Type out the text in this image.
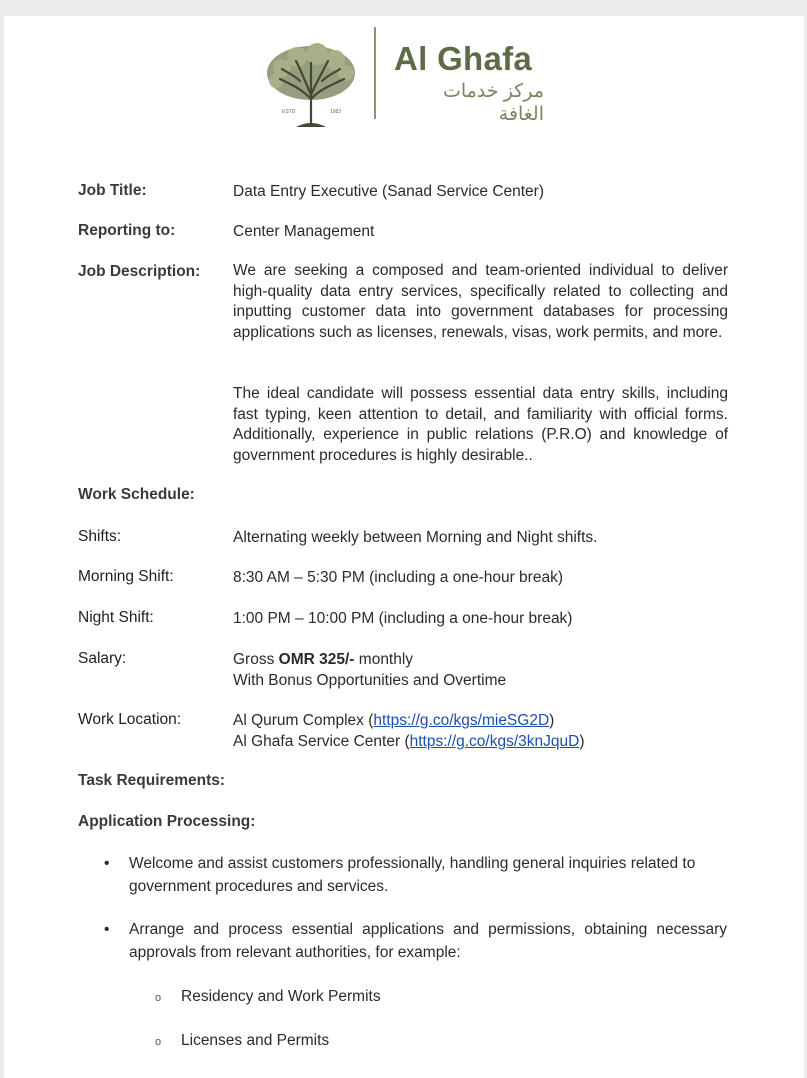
ESTD	1983
Al Ghafa
مركز خدمات الغافة
Job Title:	Data Entry Executive (Sanad Service Center)
Reporting to:	Center Management
Job Description: We are seeking a composed and team-oriented individual to deliver high-quality data entry services, specifically related to collecting and inputting customer data into government databases for processing applications such as licenses, renewals, visas, work permits, and more.

The ideal candidate will possess essential data entry skills, including fast typing, keen attention to detail, and familiarity with official forms. Additionally, experience in public relations (P.R.O) and knowledge of government procedures is highly desirable..

Work Schedule:
Shifts:	Alternating weekly between Morning and Night shifts.
Morning Shift:	8:30 AM – 5:30 PM (including a one-hour break)
Night Shift:	1:00 PM – 10:00 PM (including a one-hour break)
Salary:	Gross OMR 325/- monthly

With Bonus Opportunities and Overtime

Work Location:	Al Qurum Complex (https://g.co/kgs/mieSG2D)

Al Ghafa Service Center (https://g.co/kgs/3knJquD)

Task Requirements:
Application Processing:
• Welcome and assist customers professionally, handling general inquiries related to government procedures and services.
• Arrange and process essential applications and permissions, obtaining necessary approvals from relevant authorities, for example:
o Residency and Work Permits
o Licenses and Permits
